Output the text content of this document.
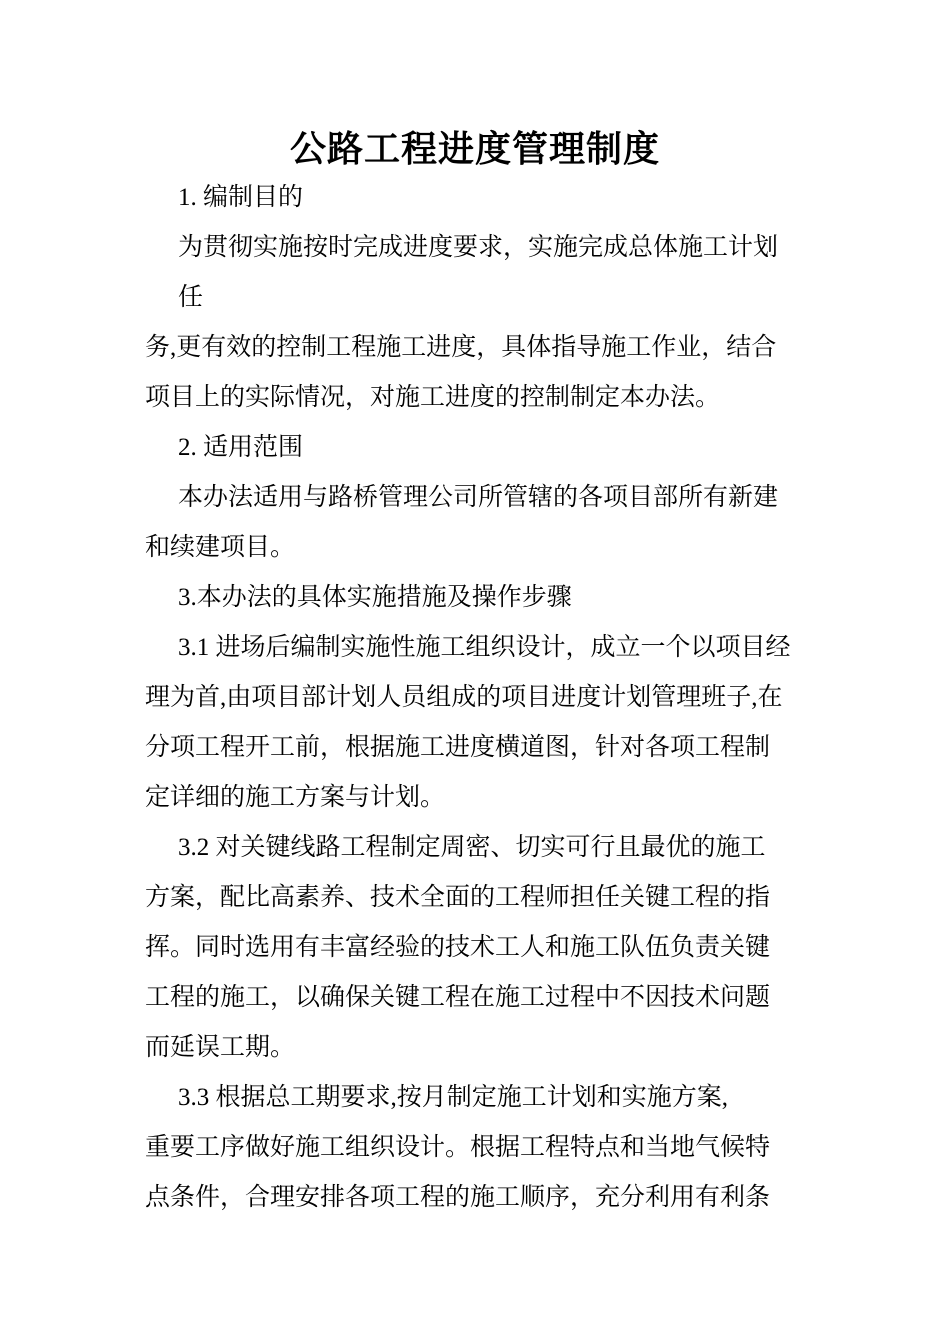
公路工程进度管理制度
1. 编制目的
为贯彻实施按时完成进度要求，实施完成总体施工计划
任
务,更有效的控制工程施工进度，具体指导施工作业，结合
项目上的实际情况，对施工进度的控制制定本办法。
2. 适用范围
本办法适用与路桥管理公司所管辖的各项目部所有新建
和续建项目。
3.本办法的具体实施措施及操作步骤
3.1 进场后编制实施性施工组织设计，成立一个以项目经
理为首,由项目部计划人员组成的项目进度计划管理班子,在
分项工程开工前，根据施工进度横道图，针对各项工程制
定详细的施工方案与计划。
3.2 对关键线路工程制定周密、切实可行且最优的施工
方案，配比高素养、技术全面的工程师担任关键工程的指
挥。同时选用有丰富经验的技术工人和施工队伍负责关键
工程的施工，以确保关键工程在施工过程中不因技术问题
而延误工期。
3.3 根据总工期要求,按月制定施工计划和实施方案,
重要工序做好施工组织设计。根据工程特点和当地气候特
点条件，合理安排各项工程的施工顺序，充分利用有利条
